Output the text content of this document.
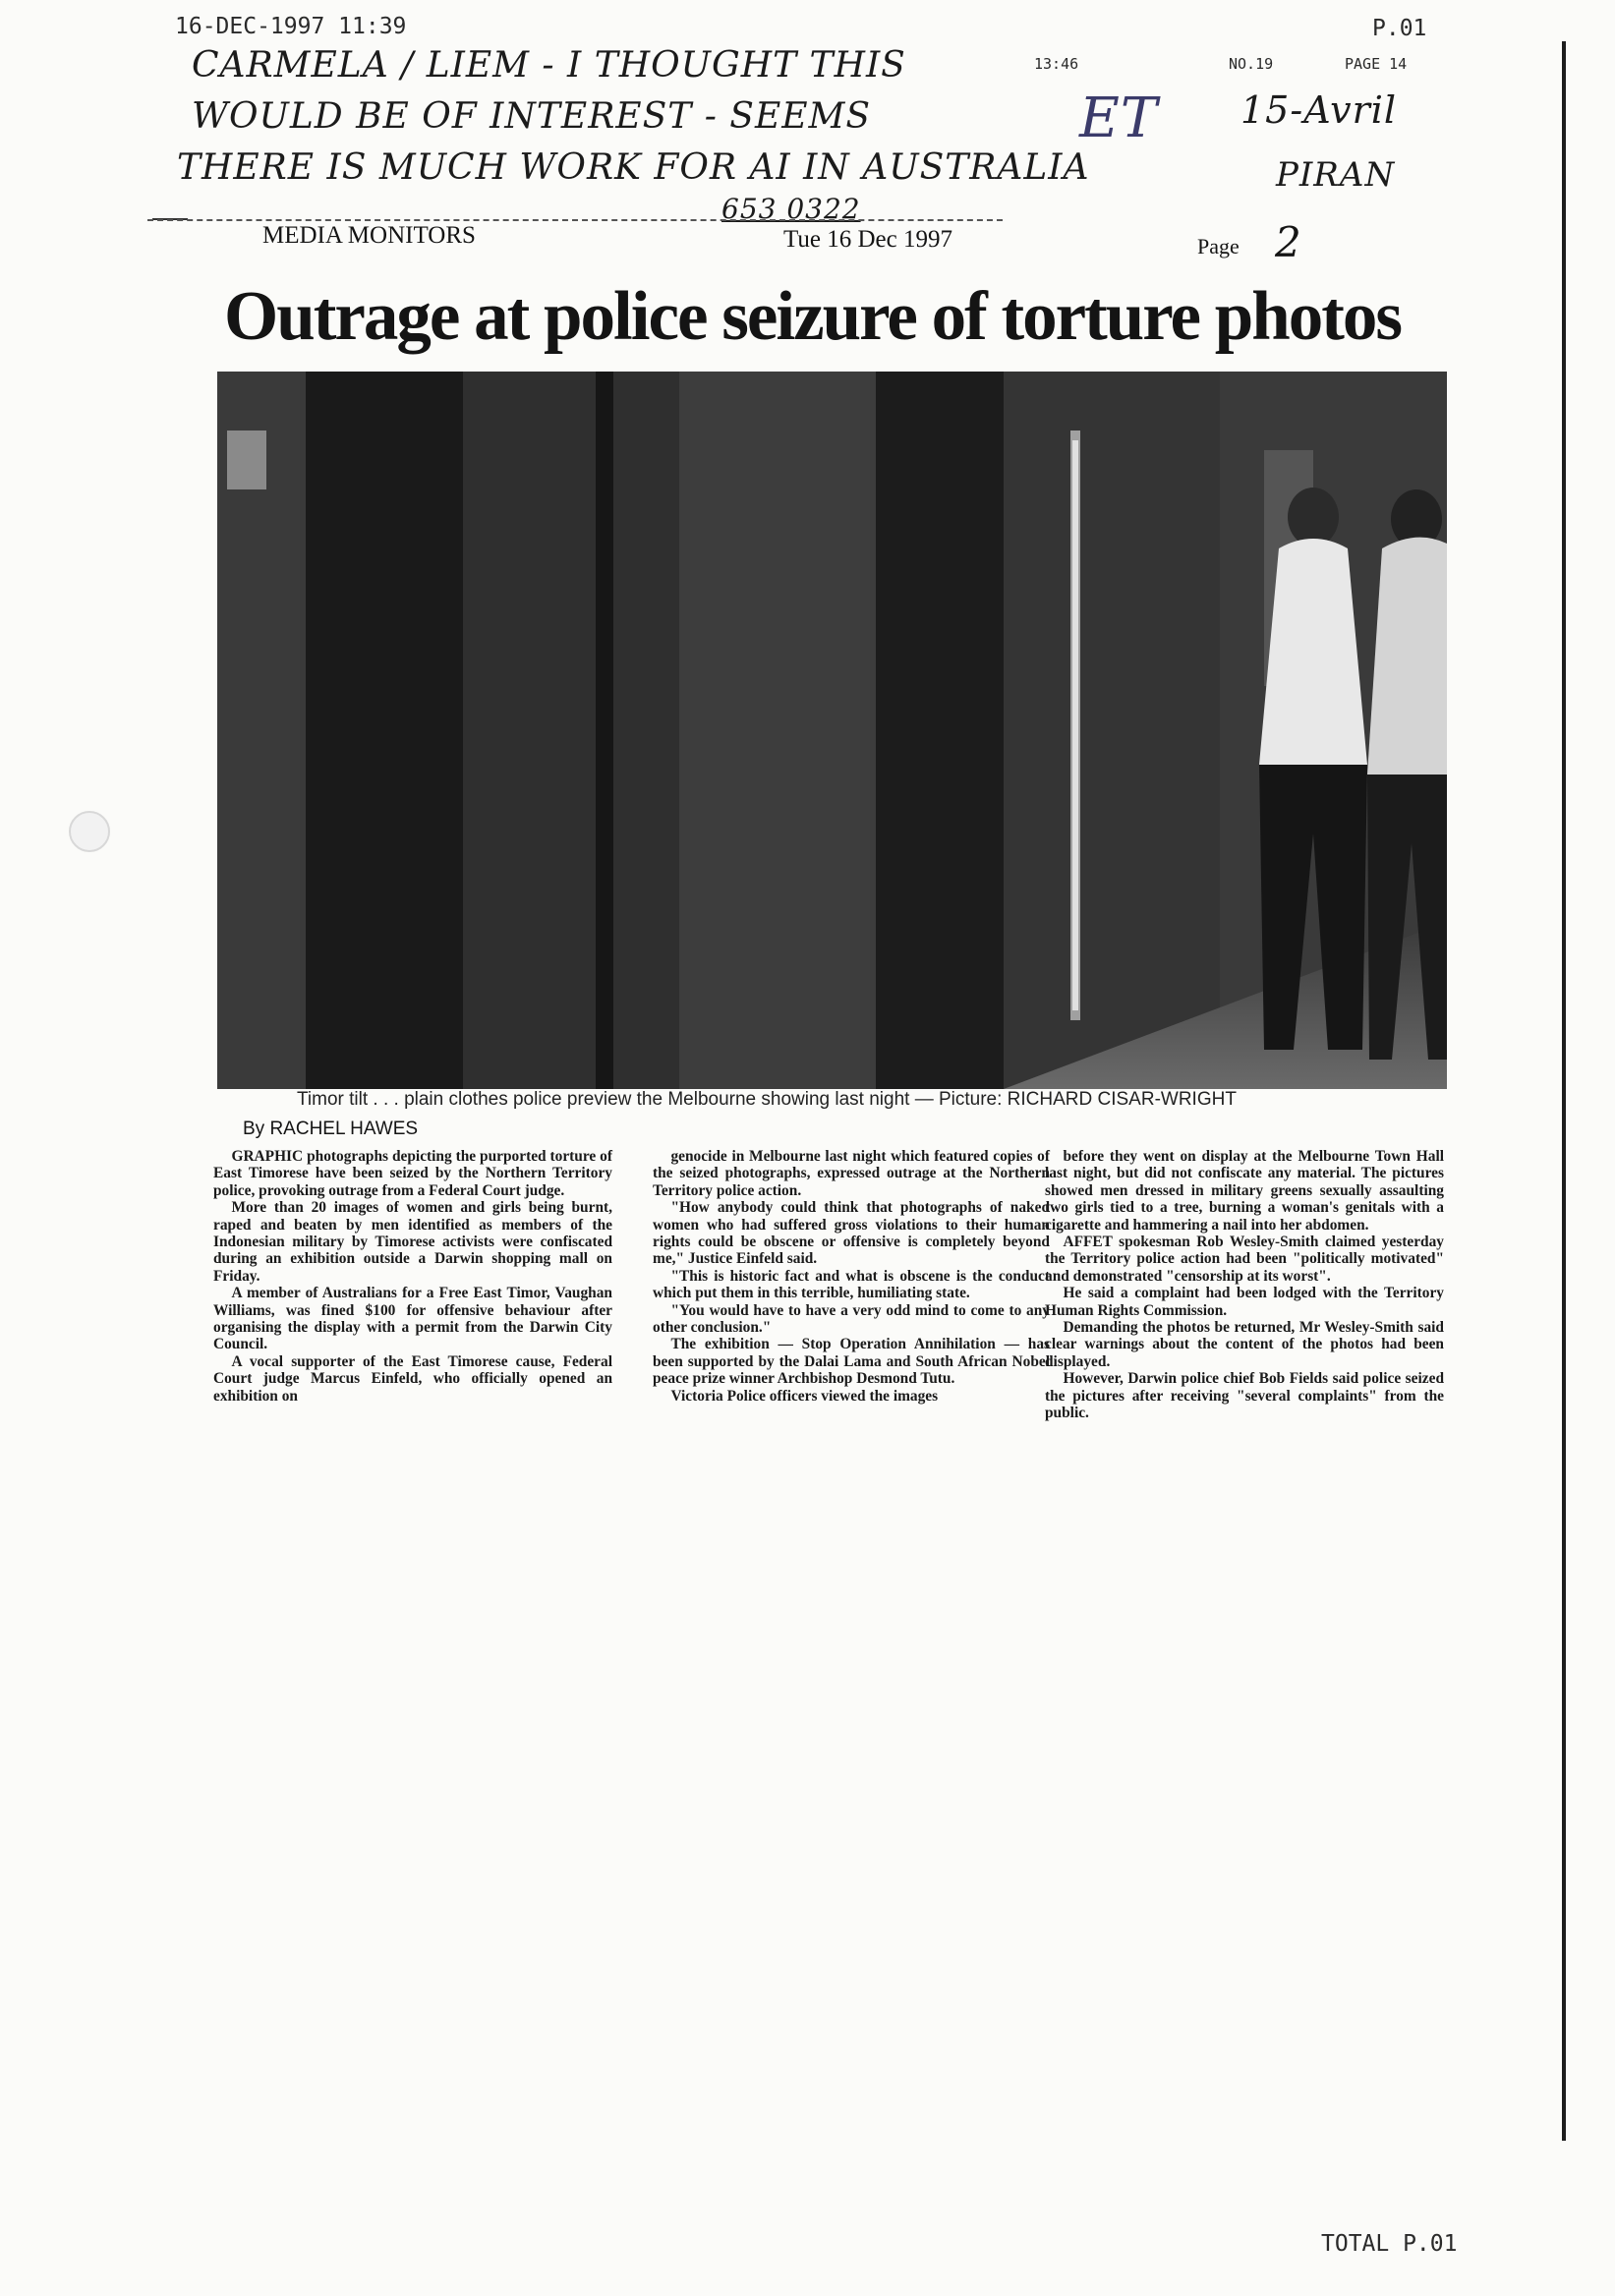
16-DEC-1997 11:39	P.01
13:46	NO.19	PAGE 14
CARMELA / LIEM - I THOUGHT THIS
WOULD BE OF INTEREST - SEEMS
THERE IS MUCH WORK FOR AI IN AUSTRALIA
653 0322
ET 15-Avril
PIRAN
MEDIA MONITORS	Tue 16 Dec 1997	Page 2
Outrage at police seizure of torture photos
Timor tilt . . . plain clothes police preview the Melbourne showing last night — Picture: RICHARD CISAR-WRIGHT
By RACHEL HAWES

GRAPHIC photographs depicting the purported torture of East Timorese have been seized by the Northern Territory police, provoking outrage from a Federal Court judge.

More than 20 images of women and girls being burnt, raped and beaten by men identified as members of the Indonesian military by Timorese activists were confiscated during an exhibition outside a Darwin shopping mall on Friday.

A member of Australians for a Free East Timor, Vaughan Williams, was fined $100 for offensive behaviour after organising the display with a permit from the Darwin City Council.

A vocal supporter of the East Timorese cause, Federal Court judge Marcus Einfeld, who officially opened an exhibition on

genocide in Melbourne last night which featured copies of the seized photographs, expressed outrage at the Northern Territory police action.

"How anybody could think that photographs of naked women who had suffered gross violations to their human rights could be obscene or offensive is completely beyond me," Justice Einfeld said.

"This is historic fact and what is obscene is the conduct which put them in this terrible, humiliating state.

"You would have to have a very odd mind to come to any other conclusion."

The exhibition — Stop Operation Annihilation — has been supported by the Dalai Lama and South African Nobel peace prize winner Archbishop Desmond Tutu.

Victoria Police officers viewed the images

before they went on display at the Melbourne Town Hall last night, but did not confiscate any material. The pictures showed men dressed in military greens sexually assaulting two girls tied to a tree, burning a woman's genitals with a cigarette and hammering a nail into her abdomen.

AFFET spokesman Rob Wesley-Smith claimed yesterday the Territory police action had been "politically motivated" and demonstrated "censorship at its worst".

He said a complaint had been lodged with the Territory Human Rights Commission.

Demanding the photos be returned, Mr Wesley-Smith said clear warnings about the content of the photos had been displayed.

However, Darwin police chief Bob Fields said police seized the pictures after receiving "several complaints" from the public.

TOTAL P.01
